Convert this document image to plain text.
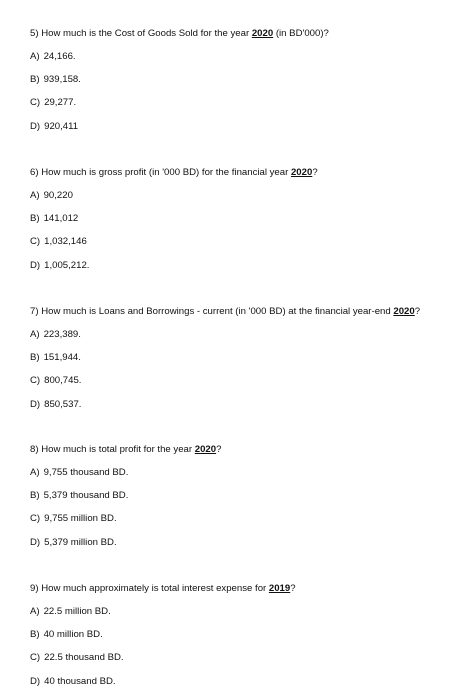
5) How much is the Cost of Goods Sold for the year 2020 (in BD'000)?
A) 24,166.
B) 939,158.
C) 29,277.
D) 920,411
6) How much is gross profit (in '000 BD) for the financial year 2020?
A) 90,220
B) 141,012
C) 1,032,146
D) 1,005,212.
7) How much is Loans and Borrowings - current (in '000 BD) at the financial year-end 2020?
A) 223,389.
B) 151,944.
C) 800,745.
D) 850,537.
8) How much is total profit for the year 2020?
A) 9,755 thousand BD.
B) 5,379 thousand BD.
C) 9,755 million BD.
D) 5,379 million BD.
9) How much approximately is total interest expense for 2019?
A) 22.5 million BD.
B) 40 million BD.
C) 22.5 thousand BD.
D) 40 thousand BD.
